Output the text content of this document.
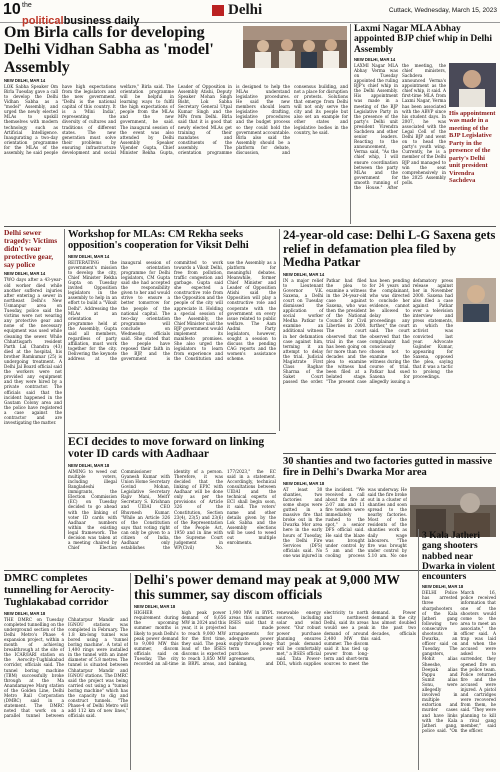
10 the
politicalbusiness daily
Delhi	Cuttack, Wednesday, March 15, 2023
Om Birla calls for developing Delhi Vidhan Sabha as 'model' Assembly
NEW DELHI, MAR 14
LOK Sabha Speaker Om Birla Tuesday gave a call to develop the Delhi Vidhan Sabha as a "model" Assembly, and urged the newly elected MLAs to upskill themselves with modern technology such as Artificial Intelligence. Inaugurating a two-day orientation programme for the MLAs of the assembly, he said people have high expectations from the legislators and the new government. "Delhi is the national capital of this country. It is a 'Mini India', representing the diversity of cultures and traditions of different states. The new generation must solve their problems by ensuring infrastructure development and social welfare," Birla said. The orientation programme will be helpful in learning ways to fulfil the high expectations of people from the MLAs and the new government, he said. The inaugural session of the event was also attended by Delhi Assembly Speaker Vijender Gupta, Chief Minister Rekha Gupta, Leader of Opposition in Assembly Atishi, Deputy Speaker Mohan Singh Bisht, Lok Sabha Secretary General Utpal Kumar Singh and the MPs from Delhi. Birla said that it is good that newly elected MLAs get training of their mandates and constituents of the assembly. The orientation programme is designed to help the MLAs understand legislative procedures. He said the new members should learn legislative drafting, legislative procedures and the budget process so they could hold the government accountable. Birla also said the Assembly should be a platform for debate, discussion, and consensus building, and not a place for disruption or protests. Solutions that emerge from Delhi will not only serve the city and its people but also set an example for other states and legislative bodies in the country, he said.
Laxmi Nagar MLA Abhay appointed BJP chief whip in Delhi Assembly
NEW DELHI, MAR 14
LAXMI Nagar MLA Abhay Verma was on Tuesday appointed the ruling BJP's chief whip in the Delhi Assembly. His appointment was made in a meeting of the BJP Legislative Party in the presence of the party's Delhi unit president Virendra Sachdeva and other senior leaders. Reacting to the announcement, Verma said, "As the chief whip, I will ensure coordination between the party MLAs and the government for smooth running of the House." After the meeting, the chief ministers, Sachdeva announced Verma's appointment as the chief whip, it said. A first-time MLA from Laxmi Nagar, Verma has been associated with the ABVP since his student days. In 2007, he was associated with the Legal Cell of the Delhi BJP and went on to head the party's youth wing. Currently, he is a member of the Delhi BJP and managed to win the seat comprehensively in the 2025 Assembly polls.
His appointment was made in a meeting of the BJP Legislative Party in the presence of the party's Delhi unit president Virendra Sachdeva
Delhi sewer tragedy: Victims didn't wear protective gear, say police
NEW DELHI, MAR 14
TWO days after a 43-year-old worker died while another suffered injuries after entering a sewer in northeast Delhi's New Usmanpur area on Tuesday, police said the victims were not wearing any protective gear and none of the necessary equipment was used while cleaning the sewer. While Chhattisgarh resident Parth Lal Chandra (43) died at the hospital, his brother Ramkumar (25) is undergoing treatment. A Delhi Jal Board official said the workers were not provided any equipment and they were hired by a private contractor. The officials said that the incident happened in the Gautam Colony area and the police have registered a case against the contractor and are investigating the matter.
Workshop for MLAs: CM Rekha seeks opposition's cooperation for Viksit Delhi
NEW DELHI, MAR 14
REITERATING the government's mission to develop the city, Chief Minister Rekha Gupta on Tuesday invited Opposition legislators in the assembly to help in an effort to build a "Viksit Delhi". Addressing the MLAs at an orientation programme held at the Assembly, Gupta said all members, regardless of party affiliation, must work together for the city. Delivering the keynote address at the inaugural session of the orientation programme for Delhi legislators, CM Gupta said she had accepted the responsibility given to her and would strive to ensure a better tomorrow for the people of the national capital. The two-day orientation programme will conclude on Wednesday, officials said. She stated that the people have reposed their faith in the BJP, and the government is committed to work towards a Viksit Delhi, free from pollution, traffic congestion and garbage. Gupta said she expected a constructive role from the Opposition and the people of the city will appreciate it. Holding a special session of the Assembly, the Chief Minister said the BJP government would implement its manifesto promises. She also urged the legislators to learn from experience and the Constitution and use the Assembly as a platform for meaningful debates. Meanwhile, former Chief Minister and Leader of Opposition Atishi said the Opposition will play a constructive role and cooperate with the government on every issue related to public welfare. The Aam Aadmi Party legislators, however, sought a session to discuss the pending CAG reports and the women's assistance scheme.
24-year-old case: Delhi L-G Saxena gets relief in defamation plea filed by Medha Patkar
NEW DELHI, MAR 14
IN a major relief to Lieutenant Governor V.K. Saxena, a Delhi court on Tuesday dismissed the application of social worker Medha Patkar to examine an additional witness in her defamation case against him, terming it an attempt to delay the trial. Judicial Magistrate First Class Raghav Sharma of the Saket Court passed the order. Patkar had filed the plea to examine a witness in the 24-year-old case against Saxena, who was then the president of the National Council for Civil Liberties in 2000. The court observed that the trial in the case has been going on for more than two decades and the plea to examine the witness had been filed at a belated stage. "The present case has been pending for 24 years and the complainant, who was directed to conclude her evidence, cannot be allowed to delay the proceedings any further," the court said. The court observed that the complainant had consciously chosen not to examine the witness during the course of trial. Patkar had sued Saxena for allegedly issuing a defamatory press release against her in November 2000. Saxena had also filed a case against Patkar over a television interview and press statements, in which the activist was convicted last year. Advocate Gajinder Kumar, appearing for Saxena, opposed the plea, saying that it was a tactic to prolong the proceedings.
ECI decides to move forward on linking voter ID cards with Aadhaar
NEW DELHI, MAR 18
AIMING to weed out multiple voters, including illegal Bangladeshi immigrants, the Election Commission (EC) on Tuesday decided to go ahead with the linking of voter ID cards with Aadhaar numbers within the existing legal framework. The decision was taken at a meeting chaired by Chief Election Commissioner Gyanesh Kumar with Union Home Secretary Govind Mohan, Legislative Secretary Rajiv Mani, MeitY Secretary S. Krishnan and UIDAI CEO Bhuvnesh Kumar. "While an Article 326 of the Constitution says that voting right can only be given to a citizen of India, Aadhaar only establishes the identity of a person. Therefore, it was decided that the linking of EPIC with Aadhaar will be done only as per the provisions of Article 326 of the Constitution, Section 23(4), 23(5) and 23(6) of the Representation of the People Act, 1950 and in line with the Supreme Court judgement in WP(Civil) No. 177/2023," the EC said in a statement. Accordingly, technical consultations between UIDAI and the technical experts of ECI shall begin soon, it said. The voters' name and other details given by the Lok Sabha and the Assembly elections will be used to weed out multiple enrolments.
30 shanties and two factories gutted in massive fire in Delhi's Dwarka Mor area
NEW DELHI, MAR 18
AT least 30 shanties, two factories and some shops were gutted in a massive fire that broke out in the Dwarka Mor area here in the early hours of Tuesday, the Delhi Fire Services (DFS) officials said. No one was injured in the incident. "We received a call about the fire at 2:07 am and 11 fire tenders were immediately rushed to the spot," a senior DFS official said. He said the blaze was brought under control by 5 am and the cooling process was underway. He said the fire broke out in a cluster of shanties and soon spread to the nearby factories. Most of the residents of the shanties work as daily wage labourers. "The fire was brought under control by 5.10 am. No one
DMRC completes tunnelling for Aerocity-Tughlakabad corridor
NEW DELHI, MAR 18
THE DMRC on Tuesday completed tunnelling on the underground section of the Delhi Metro's Phase 4 expansion project, within a month of achieving breakthrough at the site of the ICAR/IARI station on the Aerocity-Tughlakabad corridor, officials said. The tunnel boring machine (TBM) successfully broke through at the Ma Anandamayee Marg station of the Golden Line, Delhi Metro Rail Corporation (DMRC) said in a statement. The DMRC noted that work on a parallel tunnel between Chhatarpur Mandir and IGNOU stations was completed in February. The 1.8 km-long tunnel was bored using a 'tunnel boring machine'. A total of 1,400 rings were installed in the tunnel with an inner diameter of 5.8 metres. The tunnel is situated between Chhatarpur Mandir and IGNOU stations. The DMRC said the project was being carried out using a "tunnel boring machine" which has the capacity to dig and construct tunnels. "The Phase-4 of Delhi Metro will add 112 km of new lines," officials said.
Delhi's power demand may peak at 9,000 MW this summer, say discom officials
NEW DELHI, MAR 18
HIGHER requirement during the upcoming summer months is likely to push Delhi's peak power demand to 9,000 MW this summer, discom officials said on Tuesday. The city recorded an all-time high peak power demand of 8,656 MW in 2024 and this year, it is projected to reach 9,000 MW for the first time, they said. The peak load of the BSES discoms is expected to reach 3,850 MW in BRPL areas, and 1,900 MW in BYPL areas this summer. BSES said that it has made arrangements for adequate power supply through long-term power purchase agreements, banking, and renewable energy sources, including solar and wind power. "Our robust power purchase planning ensures that peak demand will be comfortably met," a BSES official said. Tata Power-DDL, which supplies electricity to north and northwest Delhi, said its areas would see a peak demand of around 2,400 MW this summer. The discom said it has tied up power from long-term and short-term sources to meet the demand. Power demand in the city has almost doubled in the past two decades, officials said.
3 Kala Jatheri gang shooters nabbed near Dwarka in violent encounters
NEW DELHI, MAR 18
DELHI Police has arrested three sharpshooters of the Kala Jatheri gang following two consecutive shootouts in Dwarka, an officer said on Tuesday. The gangsters, Mohit alias Sheeshe, Deepak alias Pappu and Sumit alias Sonu, were allegedly involved in multiple extortion and murder cases and have links with the Kala Jatheri gang, police said. "On March 16, police received information that one of the shooters would come to the area to meet an associate," the officer said. A trap was laid and when the accused were asked to surrender, they opened fire on the police team. Police returned fire and the accused were injured. A pistol and cartridges were recovered from them, he said. "They were planning to kill a rival gang member," said the officer.
